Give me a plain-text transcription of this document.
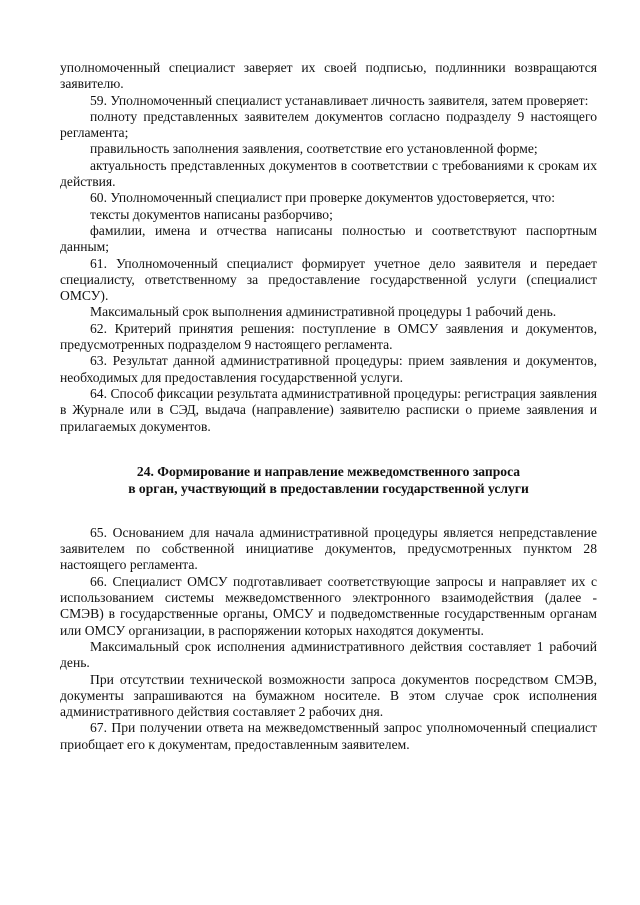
уполномоченный специалист заверяет их своей подписью, подлинники возвращаются заявителю.

59. Уполномоченный специалист устанавливает личность заявителя, затем проверяет:

полноту представленных заявителем документов согласно подразделу 9 настоящего регламента;

правильность заполнения заявления, соответствие его установленной форме;

актуальность представленных документов в соответствии с требованиями к срокам их действия.

60. Уполномоченный специалист при проверке документов удостоверяется, что:

тексты документов написаны разборчиво;

фамилии, имена и отчества написаны полностью и соответствуют паспортным данным;

61. Уполномоченный специалист формирует учетное дело заявителя и передает специалисту, ответственному за предоставление государственной услуги (специалист ОМСУ).

Максимальный срок выполнения административной процедуры 1 рабочий день.

62. Критерий принятия решения: поступление в ОМСУ заявления и документов, предусмотренных подразделом 9 настоящего регламента.

63. Результат данной административной процедуры: прием заявления и документов, необходимых для предоставления государственной услуги.

64. Способ фиксации результата административной процедуры: регистрация заявления в Журнале или в СЭД, выдача (направление) заявителю расписки о приеме заявления и прилагаемых документов.

24. Формирование и направление межведомственного запроса
в орган, участвующий в предоставлении государственной услуги

65. Основанием для начала административной процедуры является непредставление заявителем по собственной инициативе документов, предусмотренных пунктом 28 настоящего регламента.

66. Специалист ОМСУ подготавливает соответствующие запросы и направляет их с использованием системы межведомственного электронного взаимодействия (далее - СМЭВ) в государственные органы, ОМСУ и подведомственные государственным органам или ОМСУ организации, в распоряжении которых находятся документы.

Максимальный срок исполнения административного действия составляет 1 рабочий день.

При отсутствии технической возможности запроса документов посредством СМЭВ, документы запрашиваются на бумажном носителе. В этом случае срок исполнения административного действия составляет 2 рабочих дня.

67. При получении ответа на межведомственный запрос уполномоченный специалист приобщает его к документам, предоставленным заявителем.
